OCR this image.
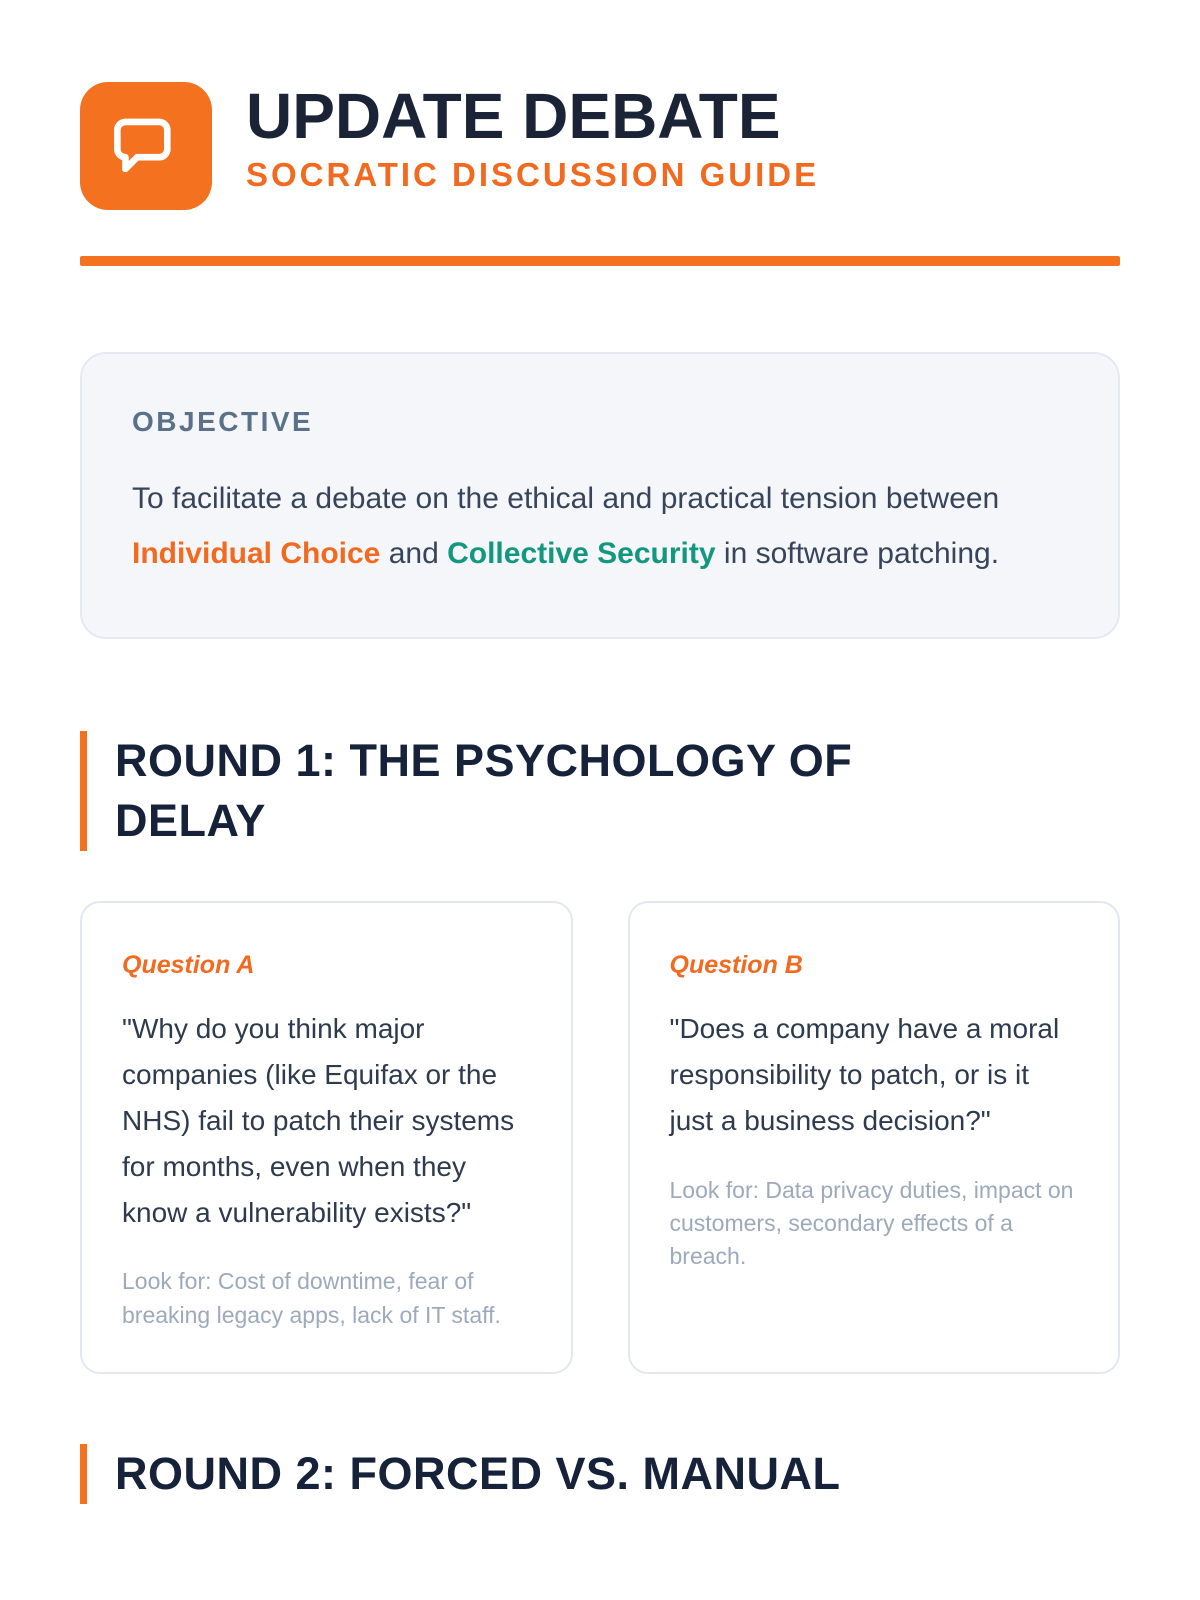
UPDATE DEBATE
SOCRATIC DISCUSSION GUIDE
OBJECTIVE
To facilitate a debate on the ethical and practical tension between Individual Choice and Collective Security in software patching.
ROUND 1: THE PSYCHOLOGY OF DELAY
Question A
"Why do you think major companies (like Equifax or the NHS) fail to patch their systems for months, even when they know a vulnerability exists?"
Look for: Cost of downtime, fear of breaking legacy apps, lack of IT staff.
Question B
"Does a company have a moral responsibility to patch, or is it just a business decision?"
Look for: Data privacy duties, impact on customers, secondary effects of a breach.
ROUND 2: FORCED VS. MANUAL
